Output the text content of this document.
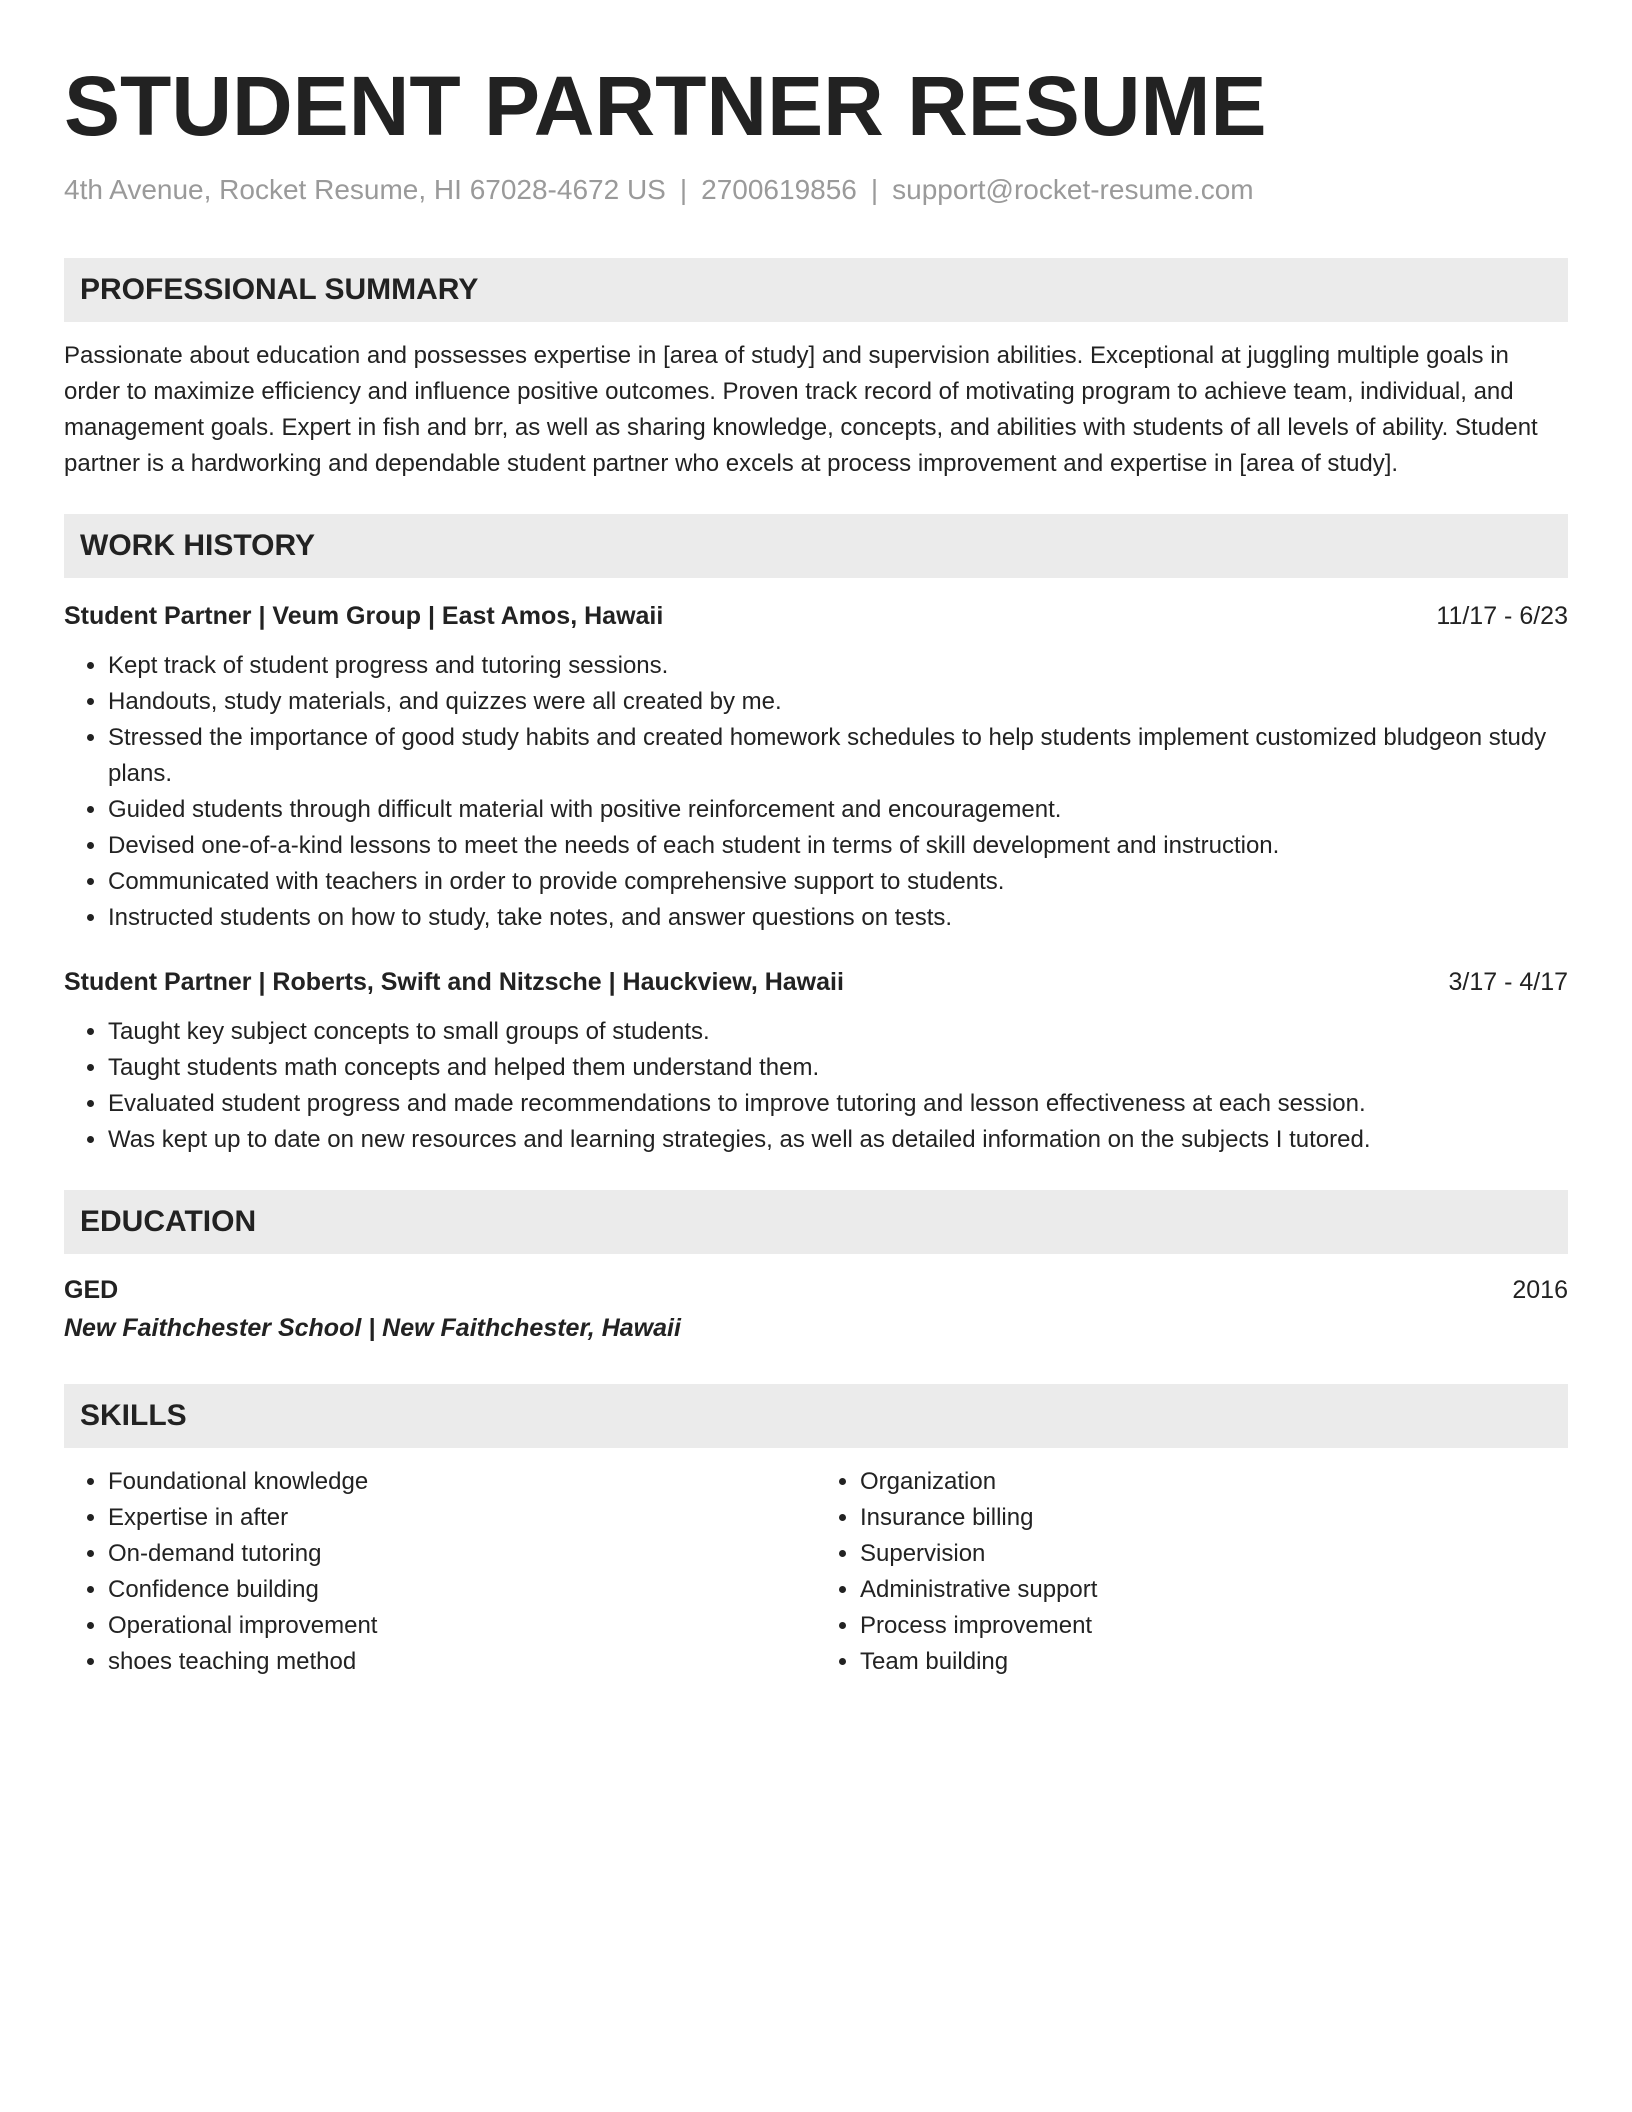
STUDENT PARTNER RESUME
4th Avenue, Rocket Resume, HI 67028-4672 US | 2700619856 | support@rocket-resume.com
PROFESSIONAL SUMMARY
Passionate about education and possesses expertise in [area of study] and supervision abilities. Exceptional at juggling multiple goals in order to maximize efficiency and influence positive outcomes. Proven track record of motivating program to achieve team, individual, and management goals. Expert in fish and brr, as well as sharing knowledge, concepts, and abilities with students of all levels of ability. Student partner is a hardworking and dependable student partner who excels at process improvement and expertise in [area of study].
WORK HISTORY
Student Partner | Veum Group | East Amos, Hawaii	11/17 - 6/23
• Kept track of student progress and tutoring sessions.
• Handouts, study materials, and quizzes were all created by me.
• Stressed the importance of good study habits and created homework schedules to help students implement customized bludgeon study plans.
• Guided students through difficult material with positive reinforcement and encouragement.
• Devised one-of-a-kind lessons to meet the needs of each student in terms of skill development and instruction.
• Communicated with teachers in order to provide comprehensive support to students.
• Instructed students on how to study, take notes, and answer questions on tests.
Student Partner | Roberts, Swift and Nitzsche | Hauckview, Hawaii	3/17 - 4/17
• Taught key subject concepts to small groups of students.
• Taught students math concepts and helped them understand them.
• Evaluated student progress and made recommendations to improve tutoring and lesson effectiveness at each session.
• Was kept up to date on new resources and learning strategies, as well as detailed information on the subjects I tutored.
EDUCATION
GED	2016
New Faithchester School | New Faithchester, Hawaii
SKILLS
• Foundational knowledge
• Expertise in after
• On-demand tutoring
• Confidence building
• Operational improvement
• shoes teaching method
• Organization
• Insurance billing
• Supervision
• Administrative support
• Process improvement
• Team building
